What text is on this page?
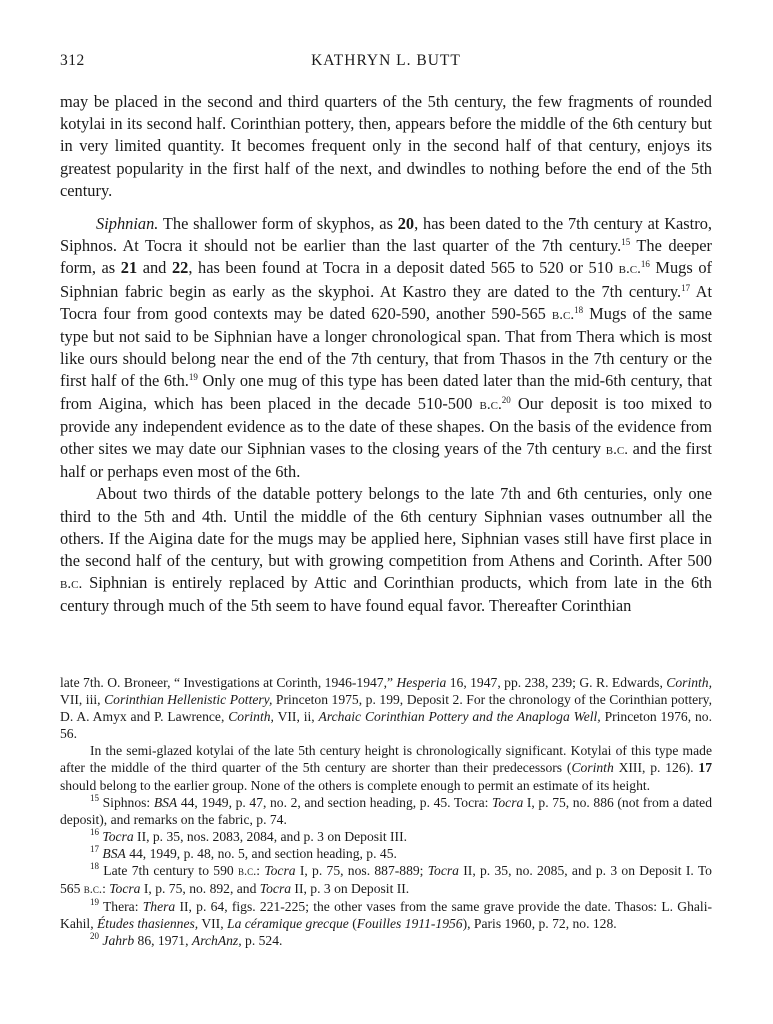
312	KATHRYN L. BUTT

may be placed in the second and third quarters of the 5th century, the few fragments of rounded kotylai in its second half. Corinthian pottery, then, appears before the middle of the 6th century but in very limited quantity. It becomes frequent only in the second half of that century, enjoys its greatest popularity in the first half of the next, and dwindles to nothing before the end of the 5th century.

Siphnian. The shallower form of skyphos, as 20, has been dated to the 7th century at Kastro, Siphnos. At Tocra it should not be earlier than the last quarter of the 7th century.$^{15}$ The deeper form, as 21 and 22, has been found at Tocra in a deposit dated 565 to 520 or 510 b.c.$^{16}$ Mugs of Siphnian fabric begin as early as the skyphoi. At Kastro they are dated to the 7th century.$^{17}$ At Tocra four from good contexts may be dated 620-590, another 590-565 b.c.$^{18}$ Mugs of the same type but not said to be Siphnian have a longer chronological span. That from Thera which is most like ours should belong near the end of the 7th century, that from Thasos in the 7th century or the first half of the 6th.$^{19}$ Only one mug of this type has been dated later than the mid-6th century, that from Aigina, which has been placed in the decade 510-500 b.c.$^{20}$ Our deposit is too mixed to provide any independent evidence as to the date of these shapes. On the basis of the evidence from other sites we may date our Siphnian vases to the closing years of the 7th century b.c. and the first half or perhaps even most of the 6th.

About two thirds of the datable pottery belongs to the late 7th and 6th centuries, only one third to the 5th and 4th. Until the middle of the 6th century Siphnian vases outnumber all the others. If the Aigina date for the mugs may be applied here, Siphnian vases still have first place in the second half of the century, but with growing competition from Athens and Corinth. After 500 b.c. Siphnian is entirely replaced by Attic and Corinthian products, which from late in the 6th century through much of the 5th seem to have found equal favor. Thereafter Corinthian

late 7th. O. Broneer, “ Investigations at Corinth, 1946-1947,” Hesperia 16, 1947, pp. 238, 239; G. R. Edwards, Corinth, VII, iii, Corinthian Hellenistic Pottery, Princeton 1975, p. 199, Deposit 2. For the chronology of the Corinthian pottery, D. A. Amyx and P. Lawrence, Corinth, VII, ii, Archaic Corinthian Pottery and the Anaploga Well, Princeton 1976, no. 56.

In the semi-glazed kotylai of the late 5th century height is chronologically significant. Kotylai of this type made after the middle of the third quarter of the 5th century are shorter than their predecessors (Corinth XIII, p. 126). 17 should belong to the earlier group. None of the others is complete enough to permit an estimate of its height.

$^{15}$ Siphnos: BSA 44, 1949, p. 47, no. 2, and section heading, p. 45. Tocra: Tocra I, p. 75, no. 886 (not from a dated deposit), and remarks on the fabric, p. 74.

$^{16}$ Tocra II, p. 35, nos. 2083, 2084, and p. 3 on Deposit III.

$^{17}$ BSA 44, 1949, p. 48, no. 5, and section heading, p. 45.

$^{18}$ Late 7th century to 590 b.c.: Tocra I, p. 75, nos. 887-889; Tocra II, p. 35, no. 2085, and p. 3 on Deposit I. To 565 b.c.: Tocra I, p. 75, no. 892, and Tocra II, p. 3 on Deposit II.

$^{19}$ Thera: Thera II, p. 64, figs. 221-225; the other vases from the same grave provide the date. Thasos: L. Ghali-Kahil, Études thasiennes, VII, La céramique grecque (Fouilles 1911-1956), Paris 1960, p. 72, no. 128.

$^{20}$ Jahrb 86, 1971, ArchAnz, p. 524.
